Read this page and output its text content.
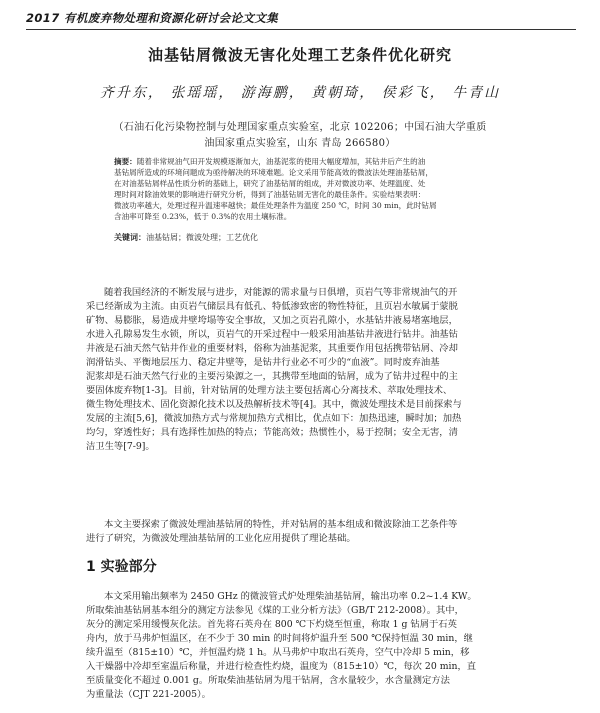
2017 有机废弃物处理和资源化研讨会论文文集
油基钻屑微波无害化处理工艺条件优化研究
齐升东， 张瑶瑶， 游海鹏， 黄朝琦， 侯彩飞， 牛青山
（石油石化污染物控制与处理国家重点实验室，北京 102206；中国石油大学重质
油国家重点实验室，山东 青岛 266580）
摘要：随着非常规油气田开发规模逐渐加大，油基泥浆的使用大幅度增加，其钻井后产生的油
基钻屑所造成的环境问题成为亟待解决的环境难题。论文采用节能高效的微波法处理油基钻屑，
在对油基钻屑样品性质分析的基础上，研究了油基钻屑的组成，并对微波功率、处理温度、处
理时间对除油效果的影响进行研究分析，得到了油基钻屑无害化的最佳条件。实验结果表明：
微波功率越大，处理过程升温速率越快；最佳处理条件为温度 250 ℃，时间 30 min，此时钻屑
含油率可降至 0.23%，低于 0.3%的农用土壤标准。
关键词：油基钻屑；微波处理；工艺优化
随着我国经济的不断发展与进步，对能源的需求量与日俱增，页岩气等非常规油气的开
采已经渐成为主流。由页岩气储层具有低孔、特低渗致密的物性特征，且页岩水敏属于蒙脱
矿物、易膨胀，易造成井壁垮塌等安全事故，又加之页岩孔隙小，水基钻井液易堵塞地层，
水进入孔隙易发生水锁，所以，页岩气的开采过程中一般采用油基钻井液进行钻井。油基钻
井液是石油天然气钻井作业的重要材料，俗称为油基泥浆，其重要作用包括携带钻屑、冷却
润滑钻头、平衡地层压力、稳定井壁等，是钻井行业必不可少的“血液”。同时废弃油基
泥浆却是石油天然气行业的主要污染源之一，其携带至地面的钻屑，成为了钻井过程中的主
要固体废弃物[1-3]。目前，针对钻屑的处理方法主要包括离心分离技术、萃取处理技术、
微生物处理技术、固化资源化技术以及热解析技术等[4]。其中，微波处理技术是目前探索与
发展的主流[5,6]，微波加热方式与常规加热方式相比，优点如下：加热迅速，瞬时加；加热
均匀，穿透性好；具有选择性加热的特点；节能高效；热惯性小，易于控制；安全无害，清
洁卫生等[7-9]。
本文主要探索了微波处理油基钻屑的特性，并对钻屑的基本组成和微波除油工艺条件等
进行了研究，为微波处理油基钻屑的工业化应用提供了理论基础。
1 实验部分
本文采用输出频率为 2450 GHz 的微波管式炉处理柴油基钻屑，输出功率 0.2~1.4 KW。
所取柴油基钻屑基本组分的测定方法参见《煤的工业分析方法》（GB/T 212-2008）。其中，
灰分的测定采用缓慢灰化法。首先将石英舟在 800 ℃下灼烧至恒重，称取 1 g 钻屑于石英
舟内，放于马弗炉恒温区，在不少于 30 min 的时间将炉温升至 500 ℃保持恒温 30 min，继
续升温至（815±10）℃，并恒温灼烧 1 h。从马弗炉中取出石英舟，空气中冷却 5 min，移
入干燥器中冷却至室温后称量，并进行检查性灼烧，温度为（815±10）℃，每次 20 min，直
至质量变化不超过 0.001 g。所取柴油基钻屑为甩干钻屑，含水量较少，水含量测定方法
为重量法（CJT 221-2005）。
